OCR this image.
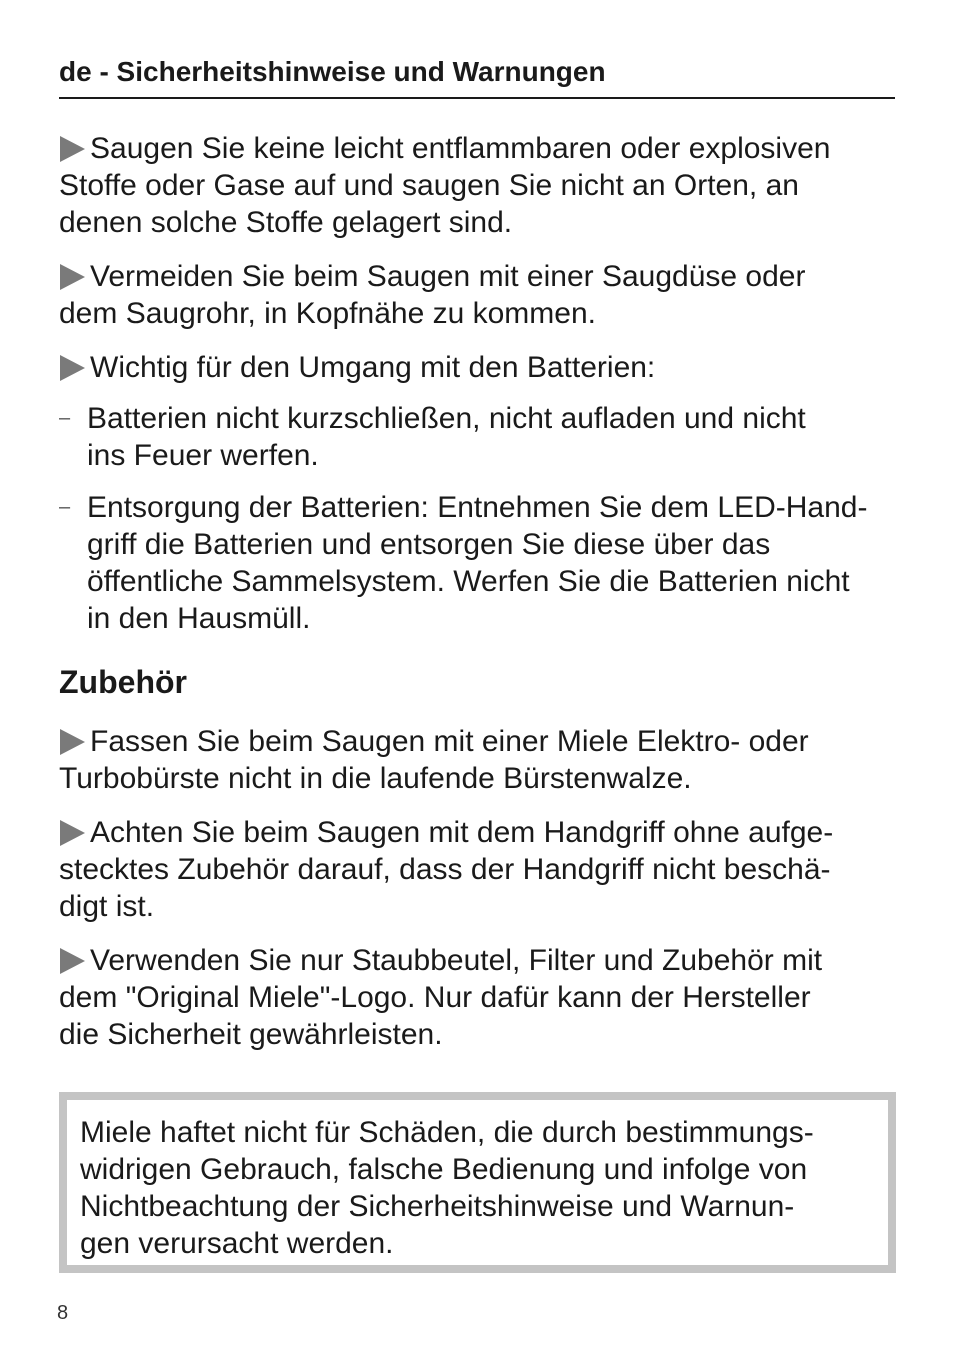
de - Sicherheitshinweise und Warnungen
Saugen Sie keine leicht entflammbaren oder explosiven
Stoffe oder Gase auf und saugen Sie nicht an Orten, an
denen solche Stoffe gelagert sind.
Vermeiden Sie beim Saugen mit einer Saugdüse oder
dem Saugrohr, in Kopfnähe zu kommen.
Wichtig für den Umgang mit den Batterien:
– Batterien nicht kurzschließen, nicht aufladen und nicht
ins Feuer werfen.
– Entsorgung der Batterien: Entnehmen Sie dem LED-Hand-
griff die Batterien und entsorgen Sie diese über das
öffentliche Sammelsystem. Werfen Sie die Batterien nicht
in den Hausmüll.
Zubehör
Fassen Sie beim Saugen mit einer Miele Elektro- oder
Turbobürste nicht in die laufende Bürstenwalze.
Achten Sie beim Saugen mit dem Handgriff ohne aufge-
stecktes Zubehör darauf, dass der Handgriff nicht beschä-
digt ist.
Verwenden Sie nur Staubbeutel, Filter und Zubehör mit
dem "Original Miele"-Logo. Nur dafür kann der Hersteller
die Sicherheit gewährleisten.
Miele haftet nicht für Schäden, die durch bestimmungs-
widrigen Gebrauch, falsche Bedienung und infolge von
Nichtbeachtung der Sicherheitshinweise und Warnun-
gen verursacht werden.
8
